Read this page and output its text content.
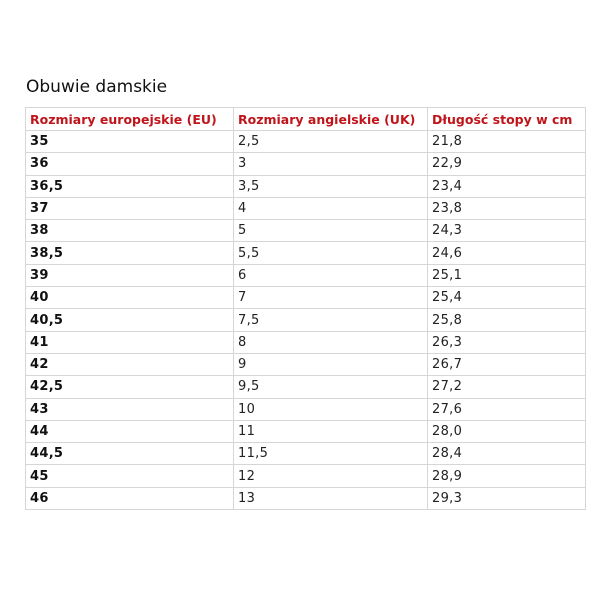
Obuwie damskie
Rozmiary europejskie (EU)	Rozmiary angielskie (UK)	Długość stopy w cm
35	2,5	21,8
36	3	22,9
36,5	3,5	23,4
37	4	23,8
38	5	24,3
38,5	5,5	24,6
39	6	25,1
40	7	25,4
40,5	7,5	25,8
41	8	26,3
42	9	26,7
42,5	9,5	27,2
43	10	27,6
44	11	28,0
44,5	11,5	28,4
45	12	28,9
46	13	29,3
